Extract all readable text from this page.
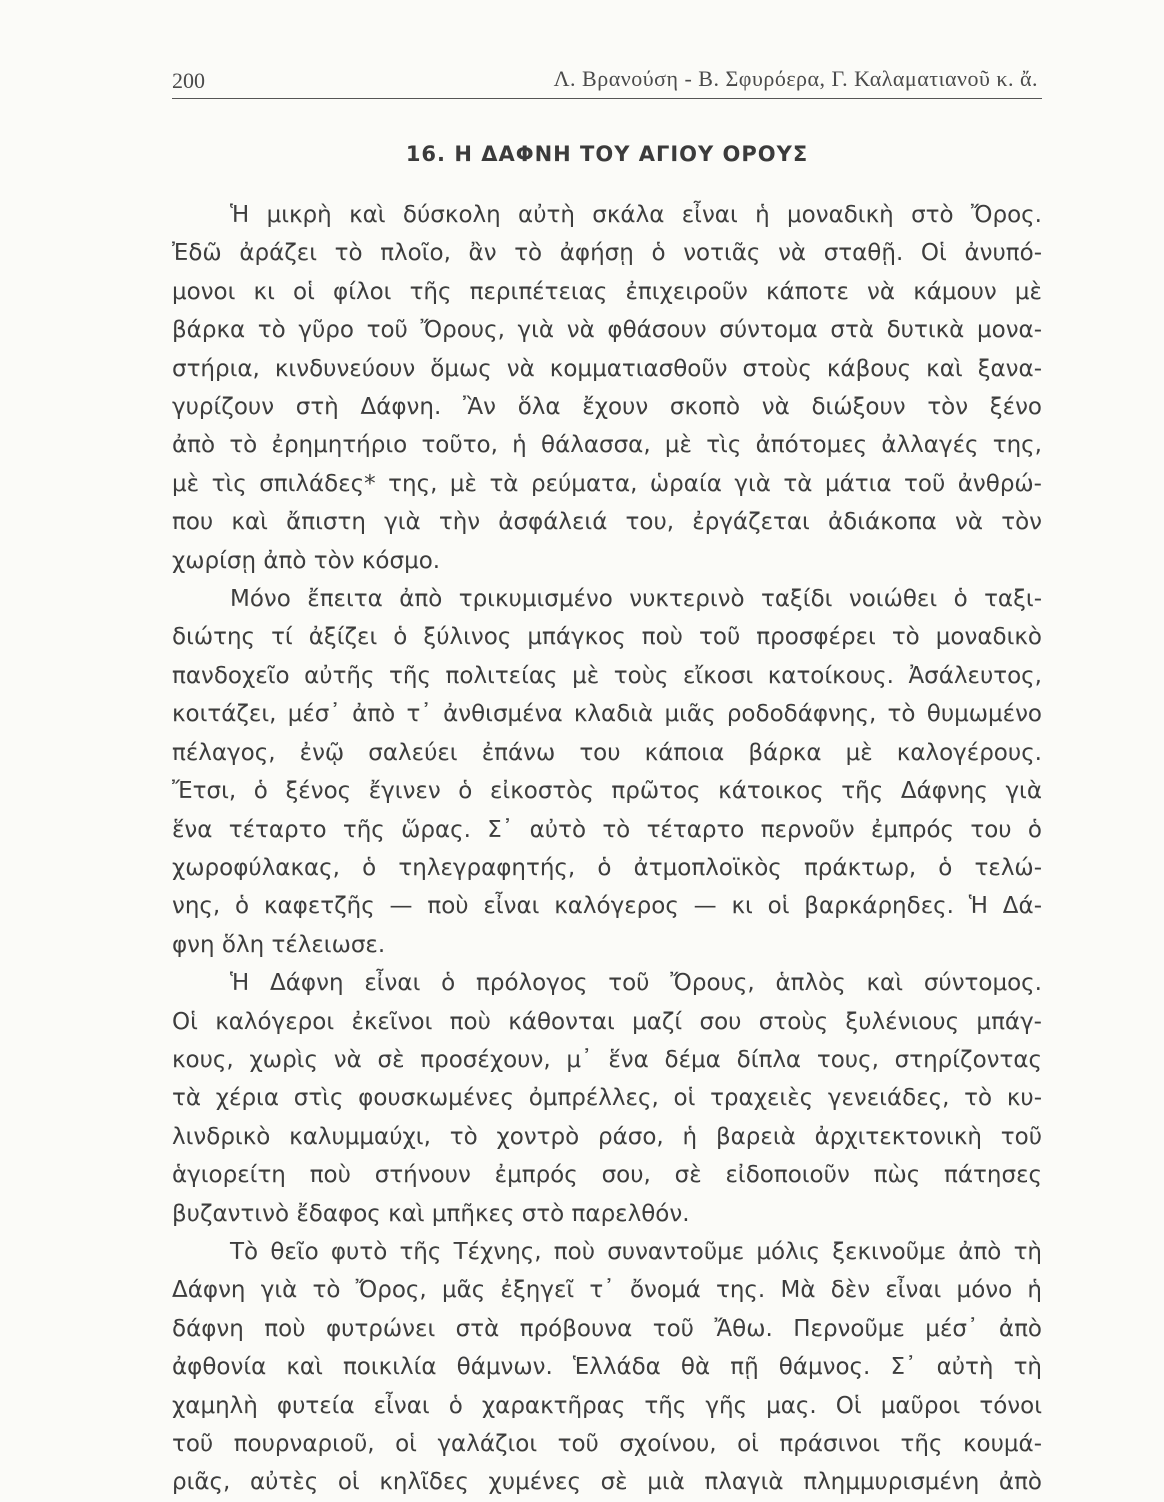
200	Λ. Βρανούση - Β. Σφυρόερα, Γ. Καλαματιανοῦ κ. ἄ.
16. Η ΔΑΦΝΗ ΤΟΥ ΑΓΙΟΥ ΟΡΟΥΣ
Ἡ μικρὴ καὶ δύσκολη αὐτὴ σκάλα εἶναι ἡ μοναδικὴ στὸ Ὄρος.
Ἐδῶ ἀράζει τὸ πλοῖο, ἂν τὸ ἀφήσῃ ὁ νοτιᾶς νὰ σταθῇ. Οἱ ἀνυπό-
μονοι κι οἱ φίλοι τῆς περιπέτειας ἐπιχειροῦν κάποτε νὰ κάμουν μὲ
βάρκα τὸ γῦρο τοῦ Ὄρους, γιὰ νὰ φθάσουν σύντομα στὰ δυτικὰ μονα-
στήρια, κινδυνεύουν ὅμως νὰ κομματιασθοῦν στοὺς κάβους καὶ ξανα-
γυρίζουν στὴ Δάφνη. Ἂν ὅλα ἔχουν σκοπὸ νὰ διώξουν τὸν ξένο
ἀπὸ τὸ ἐρημητήριο τοῦτο, ἡ θάλασσα, μὲ τὶς ἀπότομες ἀλλαγές της,
μὲ τὶς σπιλάδες* της, μὲ τὰ ρεύματα, ὡραία γιὰ τὰ μάτια τοῦ ἀνθρώ-
που καὶ ἄπιστη γιὰ τὴν ἀσφάλειά του, ἐργάζεται ἀδιάκοπα νὰ τὸν
χωρίσῃ ἀπὸ τὸν κόσμο.
Μόνο ἔπειτα ἀπὸ τρικυμισμένο νυκτερινὸ ταξίδι νοιώθει ὁ ταξι-
διώτης τί ἀξίζει ὁ ξύλινος μπάγκος ποὺ τοῦ προσφέρει τὸ μοναδικὸ
πανδοχεῖο αὐτῆς τῆς πολιτείας μὲ τοὺς εἴκοσι κατοίκους. Ἀσάλευτος,
κοιτάζει, μέσ᾽ ἀπὸ τ᾽ ἀνθισμένα κλαδιὰ μιᾶς ροδοδάφνης, τὸ θυμωμένο
πέλαγος, ἐνῷ σαλεύει ἐπάνω του κάποια βάρκα μὲ καλογέρους.
Ἔτσι, ὁ ξένος ἔγινεν ὁ εἰκοστὸς πρῶτος κάτοικος τῆς Δάφνης γιὰ
ἕνα τέταρτο τῆς ὥρας. Σ᾽ αὐτὸ τὸ τέταρτο περνοῦν ἐμπρός του ὁ
χωροφύλακας, ὁ τηλεγραφητής, ὁ ἀτμοπλοϊκὸς πράκτωρ, ὁ τελώ-
νης, ὁ καφετζῆς — ποὺ εἶναι καλόγερος — κι οἱ βαρκάρηδες. Ἡ Δά-
φνη ὅλη τέλειωσε.
Ἡ Δάφνη εἶναι ὁ πρόλογος τοῦ Ὄρους, ἁπλὸς καὶ σύντομος.
Οἱ καλόγεροι ἐκεῖνοι ποὺ κάθονται μαζί σου στοὺς ξυλένιους μπάγ-
κους, χωρὶς νὰ σὲ προσέχουν, μ᾽ ἕνα δέμα δίπλα τους, στηρίζοντας
τὰ χέρια στὶς φουσκωμένες ὀμπρέλλες, οἱ τραχειὲς γενειάδες, τὸ κυ-
λινδρικὸ καλυμμαύχι, τὸ χοντρὸ ράσο, ἡ βαρειὰ ἀρχιτεκτονικὴ τοῦ
ἁγιορείτη ποὺ στήνουν ἐμπρός σου, σὲ εἰδοποιοῦν πὼς πάτησες
βυζαντινὸ ἔδαφος καὶ μπῆκες στὸ παρελθόν.
Τὸ θεῖο φυτὸ τῆς Τέχνης, ποὺ συναντοῦμε μόλις ξεκινοῦμε ἀπὸ τὴ
Δάφνη γιὰ τὸ Ὄρος, μᾶς ἐξηγεῖ τ᾽ ὄνομά της. Μὰ δὲν εἶναι μόνο ἡ
δάφνη ποὺ φυτρώνει στὰ πρόβουνα τοῦ Ἄθω. Περνοῦμε μέσ᾽ ἀπὸ
ἀφθονία καὶ ποικιλία θάμνων. Ἑλλάδα θὰ πῇ θάμνος. Σ᾽ αὐτὴ τὴ
χαμηλὴ φυτεία εἶναι ὁ χαρακτῆρας τῆς γῆς μας. Οἱ μαῦροι τόνοι
τοῦ πουρναριοῦ, οἱ γαλάζιοι τοῦ σχοίνου, οἱ πράσινοι τῆς κουμά-
ριᾶς, αὐτὲς οἱ κηλῖδες χυμένες σὲ μιὰ πλαγιὰ πλημμυρισμένη ἀπὸ
